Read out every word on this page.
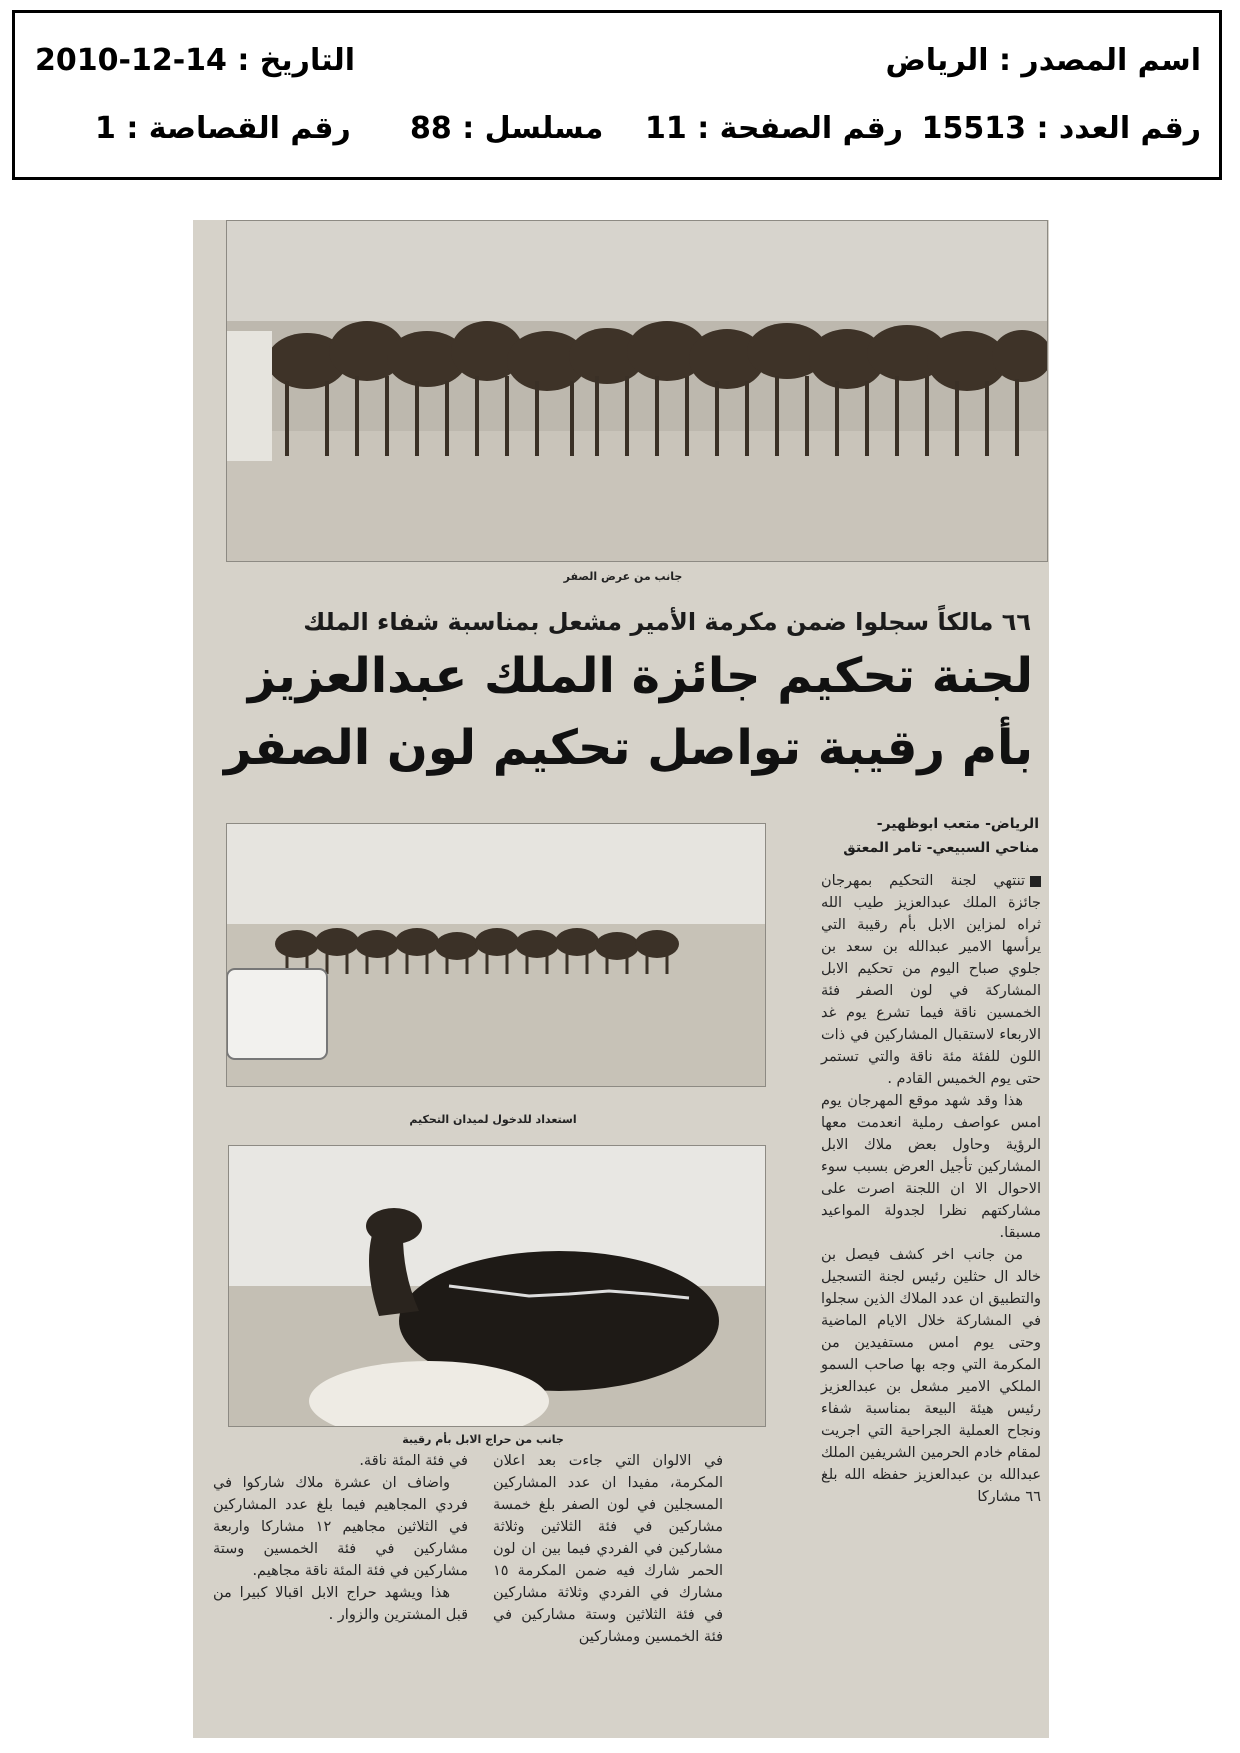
اسم المصدر : الرياض
التاريخ : 14-12-2010
رقم العدد : 15513
رقم الصفحة : 11
مسلسل : 88
رقم القصاصة : 1
جانب من عرض الصفر
٦٦ مالكاً سجلوا ضمن مكرمة الأمير مشعل بمناسبة شفاء الملك
لجنة تحكيم جائزة الملك عبدالعزيز
بأم رقيبة تواصل تحكيم لون الصفر
الرياض- متعب ابوظهير-
مناحي السبيعي- تامر المعتق
استعداد للدخول لميدان التحكيم
جانب من حراج الابل بأم رقيبة

تنتهي لجنة التحكيم بمهرجان جائزة الملك عبدالعزيز طيب الله ثراه لمزاين الابل بأم رقيبة التي يرأسها الامير عبدالله بن سعد بن جلوي صباح اليوم من تحكيم الابل المشاركة في لون الصفر فئة الخمسين ناقة فيما تشرع يوم غد الاربعاء لاستقبال المشاركين في ذات اللون للفئة مئة ناقة والتي تستمر حتى يوم الخميس القادم .

هذا وقد شهد موقع المهرجان يوم امس عواصف رملية انعدمت معها الرؤية وحاول بعض ملاك الابل المشاركين تأجيل العرض بسبب سوء الاحوال الا ان اللجنة اصرت على مشاركتهم نظرا لجدولة المواعيد مسبقا.

من جانب اخر كشف فيصل بن خالد ال حثلين رئيس لجنة التسجيل والتطبيق ان عدد الملاك الذين سجلوا في المشاركة خلال الايام الماضية وحتى يوم امس مستفيدين من المكرمة التي وجه بها صاحب السمو الملكي الامير مشعل بن عبدالعزيز رئيس هيئة البيعة بمناسبة شفاء ونجاح العملية الجراحية التي اجريت لمقام خادم الحرمين الشريفين الملك عبدالله بن عبدالعزيز حفظه الله بلغ ٦٦ مشاركا

في الالوان التي جاءت بعد اعلان المكرمة، مفيدا ان عدد المشاركين المسجلين في لون الصفر بلغ خمسة مشاركين في فئة الثلاثين وثلاثة مشاركين في الفردي فيما بين ان لون الحمر شارك فيه ضمن المكرمة ١٥ مشارك في الفردي وثلاثة مشاركين في فئة الثلاثين وستة مشاركين في فئة الخمسين ومشاركين

في فئة المئة ناقة.

واضاف ان عشرة ملاك شاركوا في فردي المجاهيم فيما بلغ عدد المشاركين في الثلاثين مجاهيم ١٢ مشاركا واربعة مشاركين في فئة الخمسين وستة مشاركين في فئة المئة ناقة مجاهيم.

هذا ويشهد حراج الابل اقبالا كبيرا من قبل المشترين والزوار .
